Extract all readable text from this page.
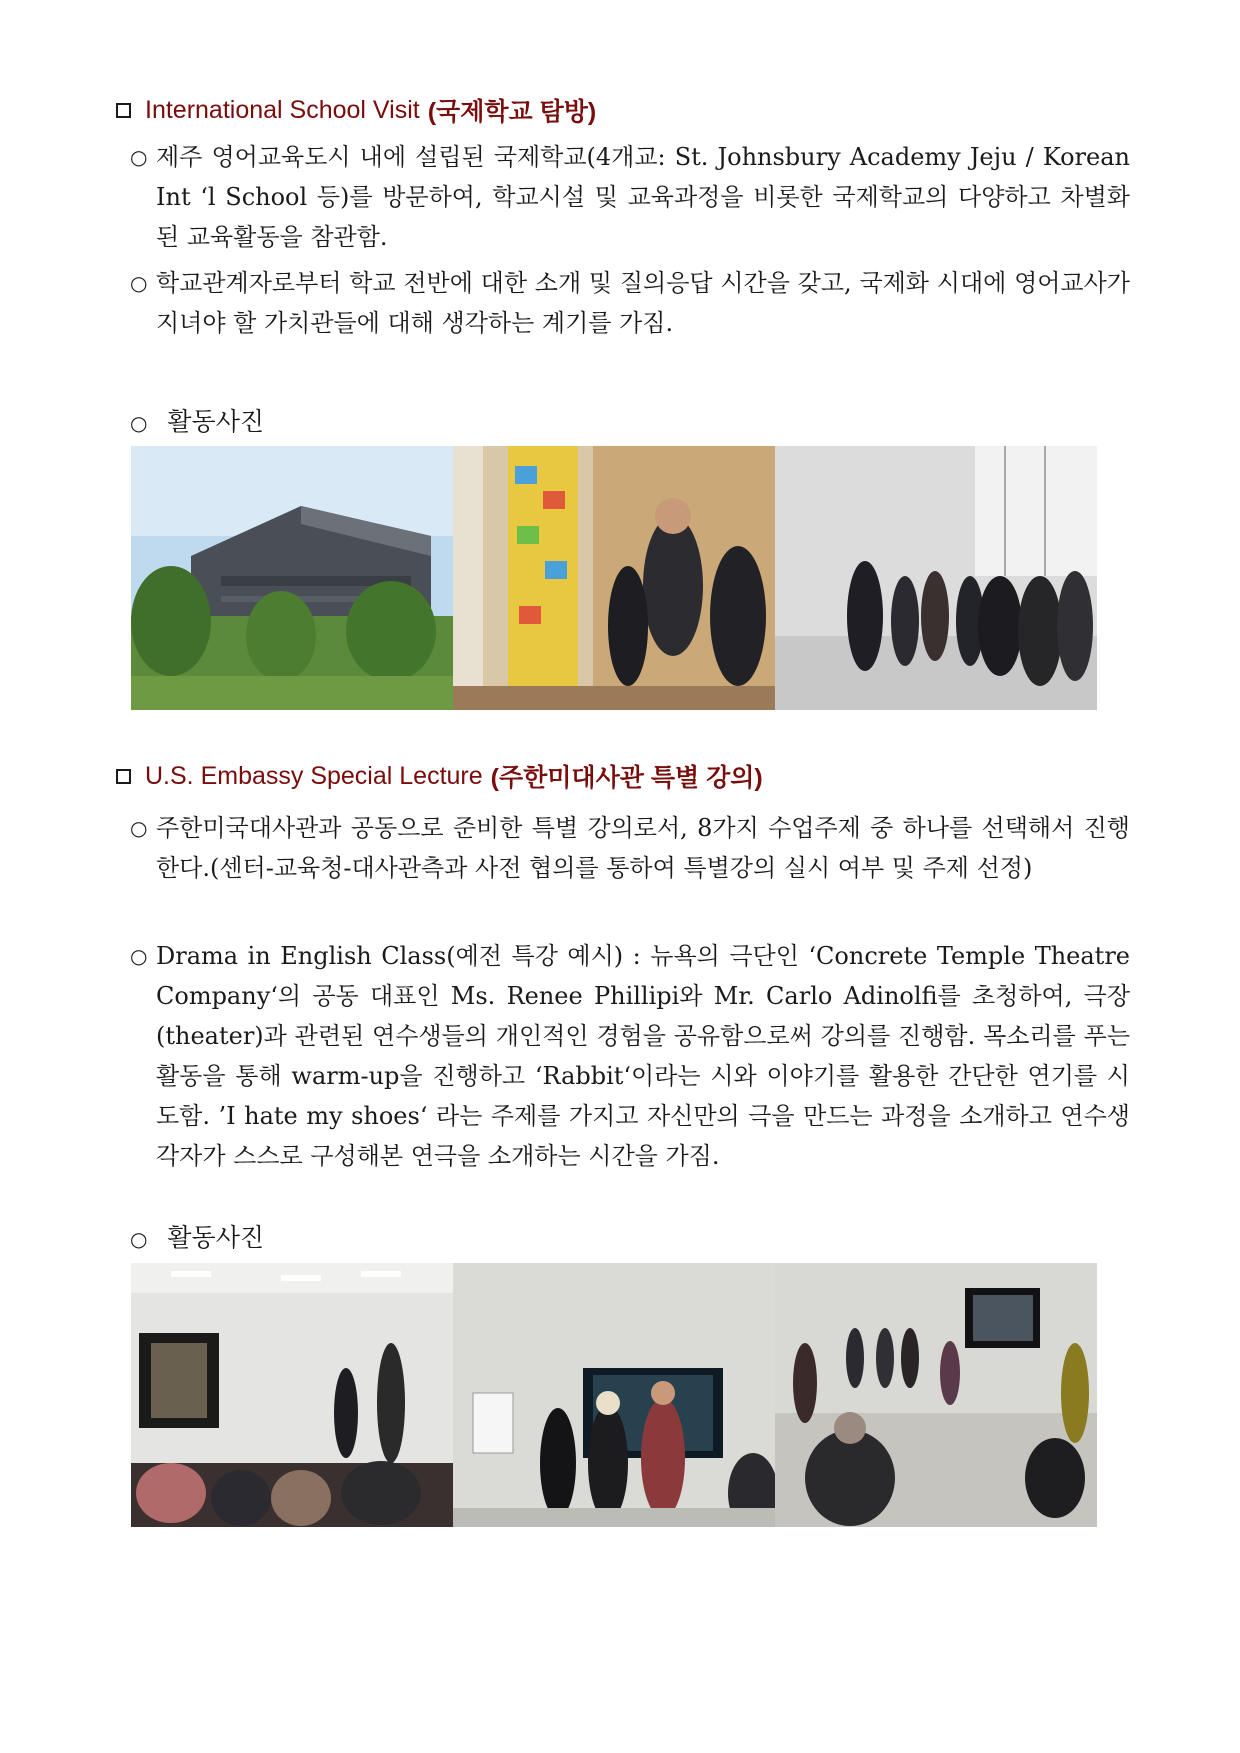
International School Visit (국제학교 탐방)
○ 제주 영어교육도시 내에 설립된 국제학교(4개교: St. Johnsbury Academy Jeju / Korean Int ‘l School 등)를 방문하여, 학교시설 및 교육과정을 비롯한 국제학교의 다양하고 차별화된 교육활동을 참관함.
○ 학교관계자로부터 학교 전반에 대한 소개 및 질의응답 시간을 갖고, 국제화 시대에 영어교사가 지녀야 할 가치관들에 대해 생각하는 계기를 가짐.
○ 활동사진
U.S. Embassy Special Lecture (주한미대사관 특별 강의)
○ 주한미국대사관과 공동으로 준비한 특별 강의로서, 8가지 수업주제 중 하나를 선택해서 진행한다.(센터-교육청-대사관측과 사전 협의를 통하여 특별강의 실시 여부 및 주제 선정)
○ Drama in English Class(예전 특강 예시) : 뉴욕의 극단인 ‘Concrete Temple Theatre Company‘의 공동 대표인 Ms. Renee Phillipi와 Mr. Carlo Adinolfi를 초청하여, 극장(theater)과 관련된 연수생들의 개인적인 경험을 공유함으로써 강의를 진행함. 목소리를 푸는 활동을 통해 warm-up을 진행하고 ‘Rabbit‘이라는 시와 이야기를 활용한 간단한 연기를 시도함. ’I hate my shoes‘ 라는 주제를 가지고 자신만의 극을 만드는 과정을 소개하고 연수생 각자가 스스로 구성해본 연극을 소개하는 시간을 가짐.
○ 활동사진
